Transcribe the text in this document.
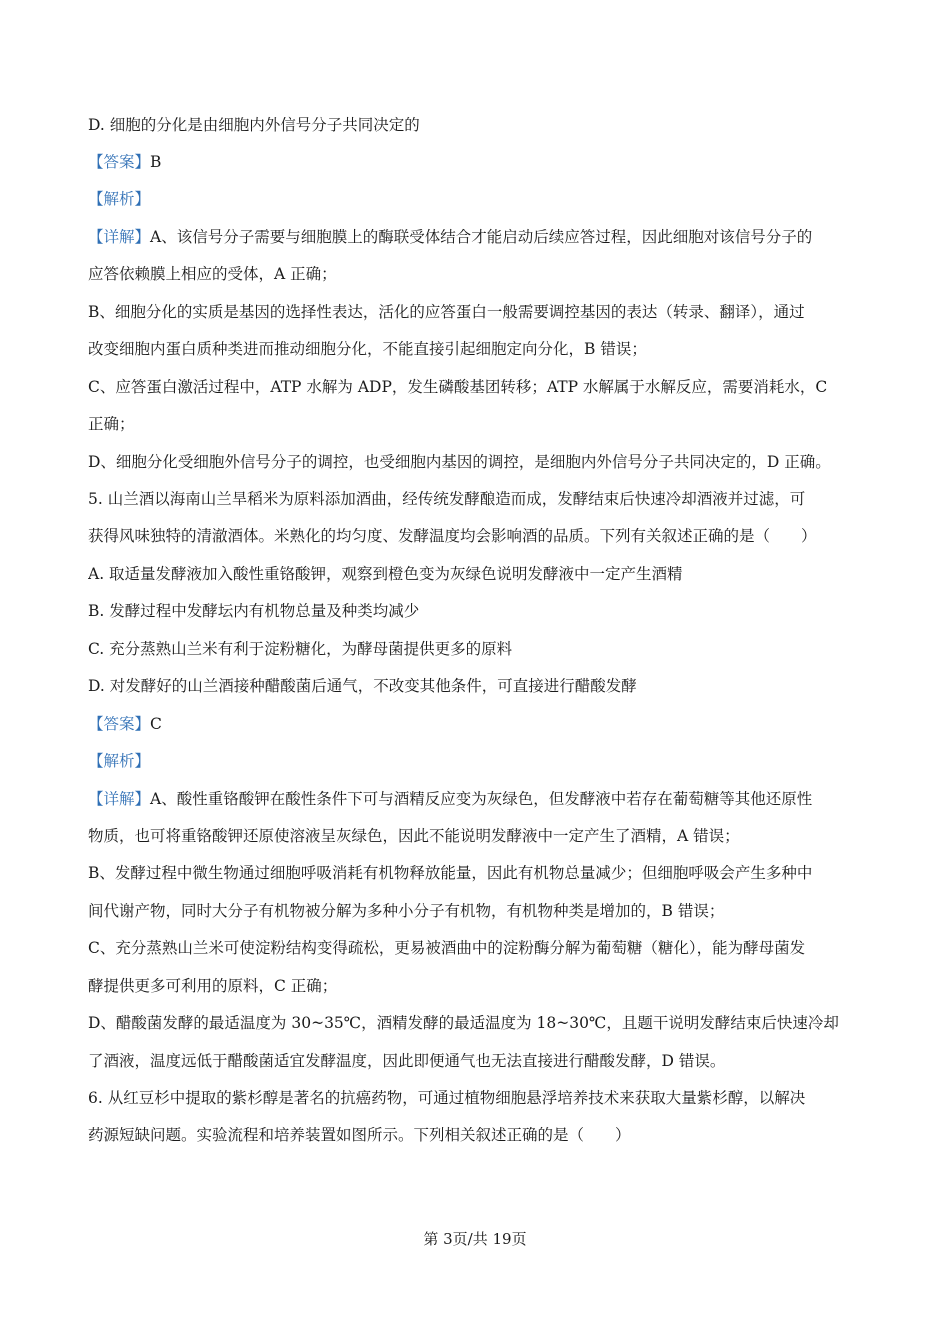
D. 细胞的分化是由细胞内外信号分子共同决定的
【答案】B
【解析】
【详解】A、该信号分子需要与细胞膜上的酶联受体结合才能启动后续应答过程，因此细胞对该信号分子的
应答依赖膜上相应的受体，A 正确；
B、细胞分化的实质是基因的选择性表达，活化的应答蛋白一般需要调控基因的表达（转录、翻译），通过
改变细胞内蛋白质种类进而推动细胞分化，不能直接引起细胞定向分化，B 错误；
C、应答蛋白激活过程中，ATP 水解为 ADP，发生磷酸基团转移；ATP 水解属于水解反应，需要消耗水，C
正确；
D、细胞分化受细胞外信号分子的调控，也受细胞内基因的调控，是细胞内外信号分子共同决定的，D 正确。
5. 山兰酒以海南山兰旱稻米为原料添加酒曲，经传统发酵酿造而成，发酵结束后快速冷却酒液并过滤，可
获得风味独特的清澈酒体。米熟化的均匀度、发酵温度均会影响酒的品质。下列有关叙述正确的是（　　）
A. 取适量发酵液加入酸性重铬酸钾，观察到橙色变为灰绿色说明发酵液中一定产生酒精
B. 发酵过程中发酵坛内有机物总量及种类均减少
C. 充分蒸熟山兰米有利于淀粉糖化，为酵母菌提供更多的原料
D. 对发酵好的山兰酒接种醋酸菌后通气，不改变其他条件，可直接进行醋酸发酵
【答案】C
【解析】
【详解】A、酸性重铬酸钾在酸性条件下可与酒精反应变为灰绿色，但发酵液中若存在葡萄糖等其他还原性
物质，也可将重铬酸钾还原使溶液呈灰绿色，因此不能说明发酵液中一定产生了酒精，A 错误；
B、发酵过程中微生物通过细胞呼吸消耗有机物释放能量，因此有机物总量减少；但细胞呼吸会产生多种中
间代谢产物，同时大分子有机物被分解为多种小分子有机物，有机物种类是增加的，B 错误；
C、充分蒸熟山兰米可使淀粉结构变得疏松，更易被酒曲中的淀粉酶分解为葡萄糖（糖化），能为酵母菌发
酵提供更多可利用的原料，C 正确；
D、醋酸菌发酵的最适温度为 30~35℃，酒精发酵的最适温度为 18~30℃，且题干说明发酵结束后快速冷却
了酒液，温度远低于醋酸菌适宜发酵温度，因此即便通气也无法直接进行醋酸发酵，D 错误。
6. 从红豆杉中提取的紫杉醇是著名的抗癌药物，可通过植物细胞悬浮培养技术来获取大量紫杉醇，以解决
药源短缺问题。实验流程和培养装置如图所示。下列相关叙述正确的是（　　）
第 3页/共 19页
